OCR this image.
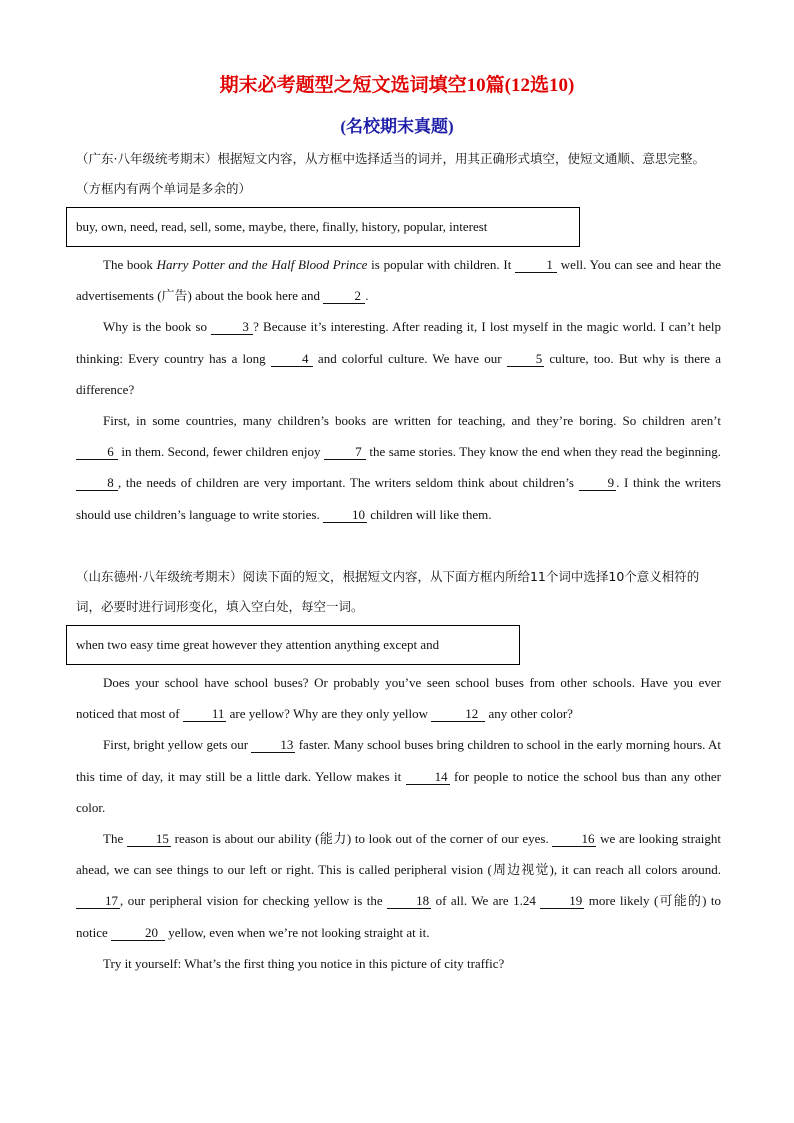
期末必考题型之短文选词填空10篇(12选10)
(名校期末真题)
（广东·八年级统考期末）根据短文内容，从方框中选择适当的词并，用其正确形式填空，使短文通顺、意思完整。（方框内有两个单词是多余的）
buy, own, need, read, sell, some, maybe, there, finally, history, popular, interest

The book Harry Potter and the Half Blood Prince is popular with children. It 1 well. You can see and hear the advertisements (广告) about the book here and 2 .

Why is the book so 3 ? Because it’s interesting. After reading it, I lost myself in the magic world. I can’t help thinking: Every country has a long 4 and colorful culture. We have our 5 culture, too. But why is there a difference?

First, in some countries, many children’s books are written for teaching, and they’re boring. So children aren’t 6 in them. Second, fewer children enjoy 7 the same stories. They know the end when they read the beginning. 8 , the needs of children are very important. The writers seldom think about children’s 9 . I think the writers should use children’s language to write stories. 10 children will like them.

（山东德州·八年级统考期末）阅读下面的短文，根据短文内容，从下面方框内所给11个词中选择10个意义相符的词，必要时进行词形变化，填入空白处，每空一词。
when two easy time great however they attention anything except and

Does your school have school buses? Or probably you’ve seen school buses from other schools. Have you ever noticed that most of 11 are yellow? Why are they only yellow	12 any other color?

First, bright yellow gets our 13 faster. Many school buses bring children to school in the early morning hours. At this time of day, it may still be a little dark. Yellow makes it 14 for people to notice the school bus than any other color.

The 15 reason is about our ability (能力) to look out of the corner of our eyes. 16 we are looking straight ahead, we can see things to our left or right. This is called peripheral vision (周边视觉), it can reach all colors around. 17 , our peripheral vision for checking yellow is the 18 of all. We are 1.24 19 more likely (可能的) to notice	20 yellow, even when we’re not looking straight at it.

Try it yourself: What’s the first thing you notice in this picture of city traffic?
